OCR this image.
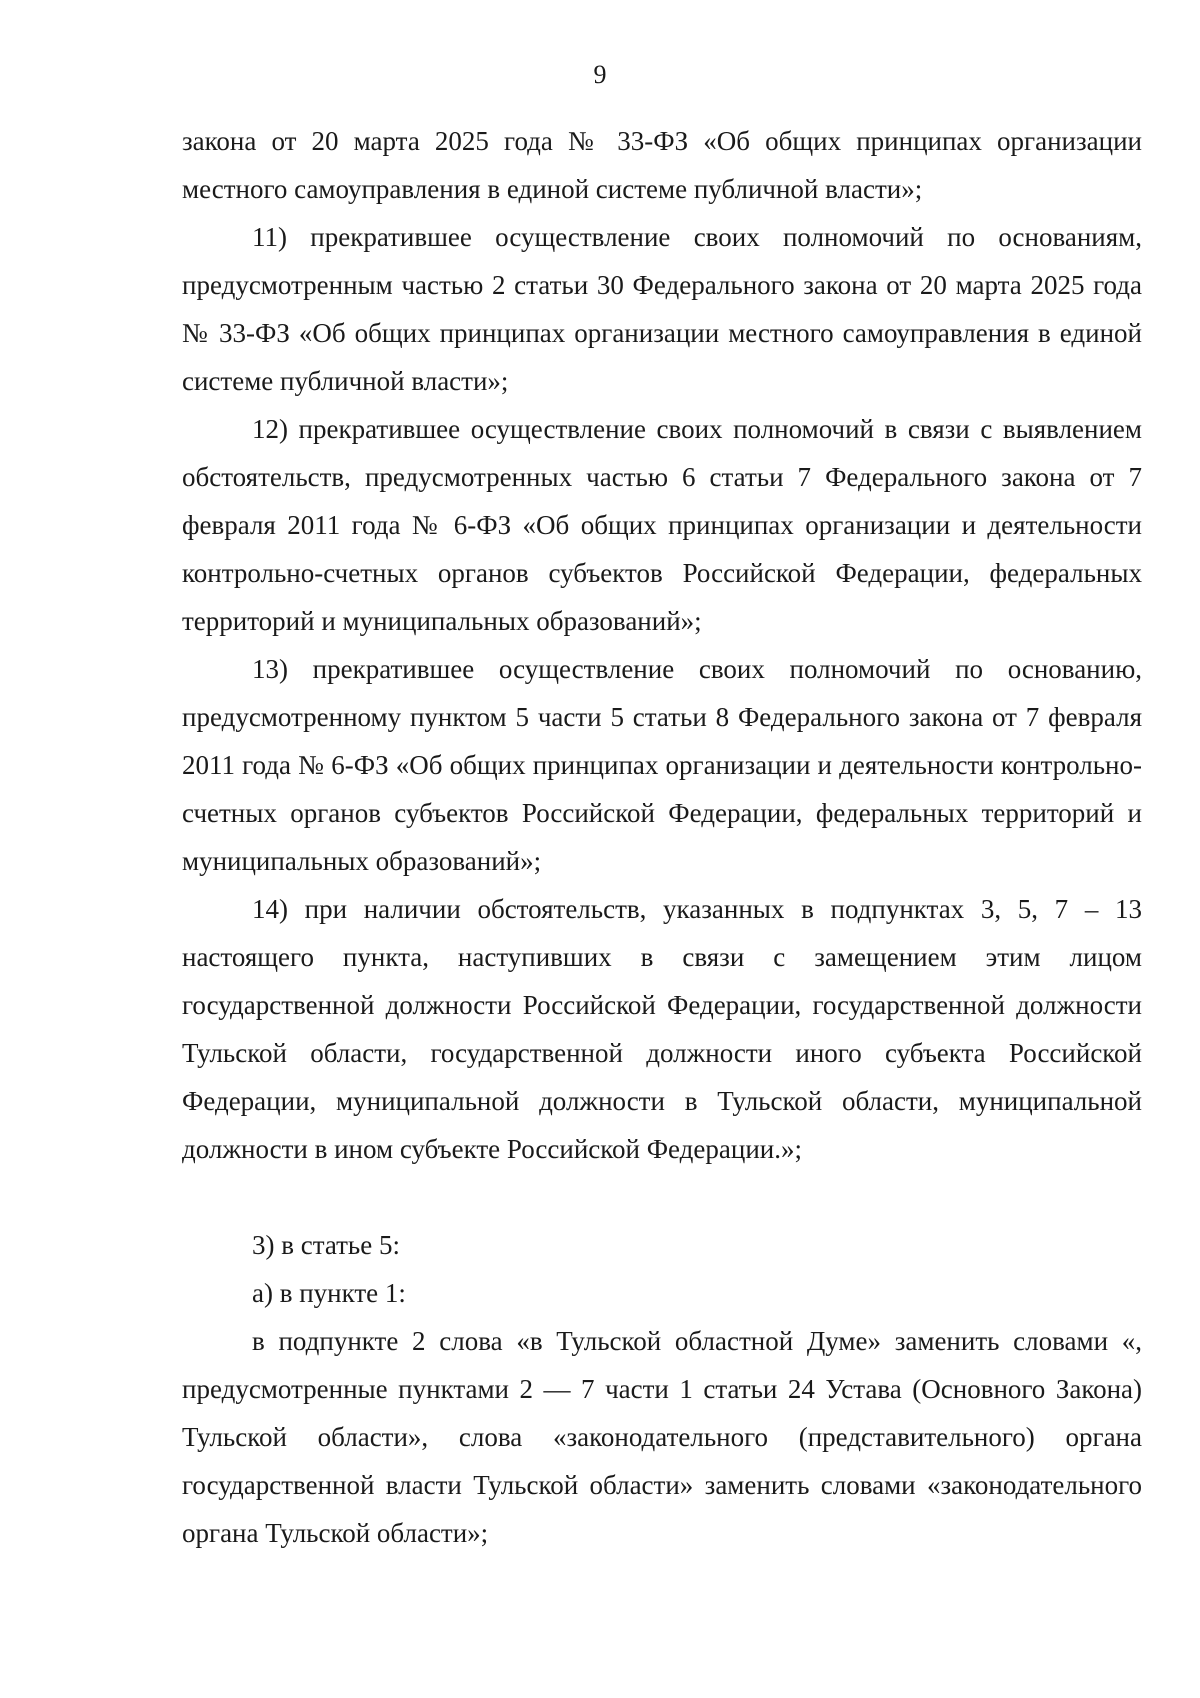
9

закона от 20 марта 2025 года № 33-ФЗ «Об общих принципах организации местного самоуправления в единой системе публичной власти»;

11) прекратившее осуществление своих полномочий по основаниям, предусмотренным частью 2 статьи 30 Федерального закона от 20 марта 2025 года № 33-ФЗ «Об общих принципах организации местного самоуправления в единой системе публичной власти»;

12) прекратившее осуществление своих полномочий в связи с выявлением обстоятельств, предусмотренных частью 6 статьи 7 Федерального закона от 7 февраля 2011 года № 6-ФЗ «Об общих принципах организации и деятельности контрольно-счетных органов субъектов Российской Федерации, федеральных территорий и муниципальных образований»;

13) прекратившее осуществление своих полномочий по основанию, предусмотренному пунктом 5 части 5 статьи 8 Федерального закона от 7 февраля 2011 года № 6-ФЗ «Об общих принципах организации и деятельности контрольно-счетных органов субъектов Российской Федерации, федеральных территорий и муниципальных образований»;

14) при наличии обстоятельств, указанных в подпунктах 3, 5, 7 – 13 настоящего пункта, наступивших в связи с замещением этим лицом государственной должности Российской Федерации, государственной должности Тульской области, государственной должности иного субъекта Российской Федерации, муниципальной должности в Тульской области, муниципальной должности в ином субъекте Российской Федерации.»;

3) в статье 5:

а) в пункте 1:

в подпункте 2 слова «в Тульской областной Думе» заменить словами «, предусмотренные пунктами 2 — 7 части 1 статьи 24 Устава (Основного Закона) Тульской области», слова «законодательного (представительного) органа государственной власти Тульской области» заменить словами «законодательного органа Тульской области»;
